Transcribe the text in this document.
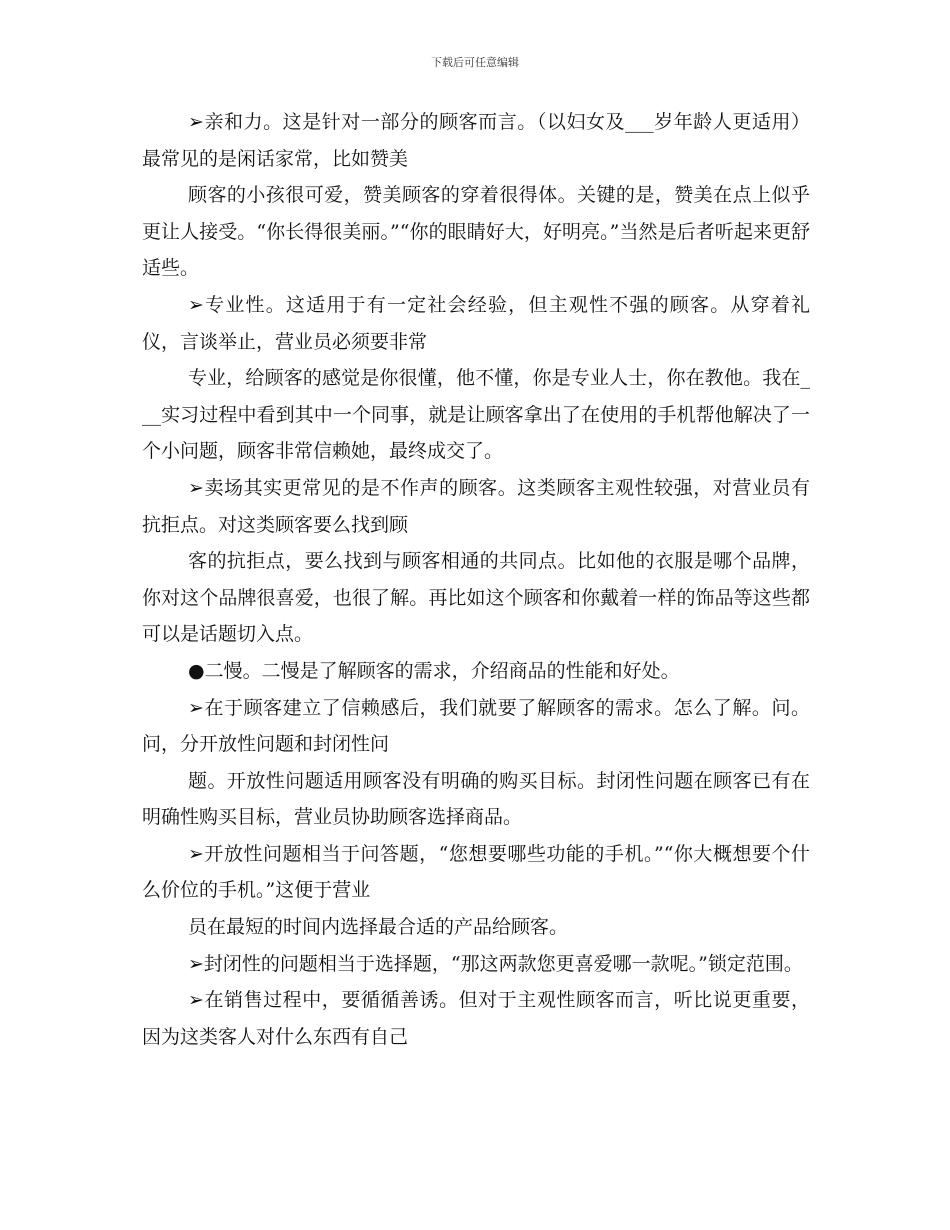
下载后可任意编辑

➢亲和力。这是针对一部分的顾客而言。（以妇女及___岁年龄人更适用）最常见的是闲话家常，比如赞美

顾客的小孩很可爱，赞美顾客的穿着很得体。关键的是，赞美在点上似乎更让人接受。“你长得很美丽。”“你的眼睛好大，好明亮。”当然是后者听起来更舒适些。

➢专业性。这适用于有一定社会经验，但主观性不强的顾客。从穿着礼仪，言谈举止，营业员必须要非常

专业，给顾客的感觉是你很懂，他不懂，你是专业人士，你在教他。我在___实习过程中看到其中一个同事，就是让顾客拿出了在使用的手机帮他解决了一个小问题，顾客非常信赖她，最终成交了。

➢卖场其实更常见的是不作声的顾客。这类顾客主观性较强，对营业员有抗拒点。对这类顾客要么找到顾

客的抗拒点，要么找到与顾客相通的共同点。比如他的衣服是哪个品牌，你对这个品牌很喜爱，也很了解。再比如这个顾客和你戴着一样的饰品等这些都可以是话题切入点。

●二慢。二慢是了解顾客的需求，介绍商品的性能和好处。

➢在于顾客建立了信赖感后，我们就要了解顾客的需求。怎么了解。问。问，分开放性问题和封闭性问

题。开放性问题适用顾客没有明确的购买目标。封闭性问题在顾客已有在明确性购买目标，营业员协助顾客选择商品。

➢开放性问题相当于问答题，“您想要哪些功能的手机。”“你大概想要个什么价位的手机。”这便于营业

员在最短的时间内选择最合适的产品给顾客。

➢封闭性的问题相当于选择题，“那这两款您更喜爱哪一款呢。”锁定范围。

➢在销售过程中，要循循善诱。但对于主观性顾客而言，听比说更重要，因为这类客人对什么东西有自己
